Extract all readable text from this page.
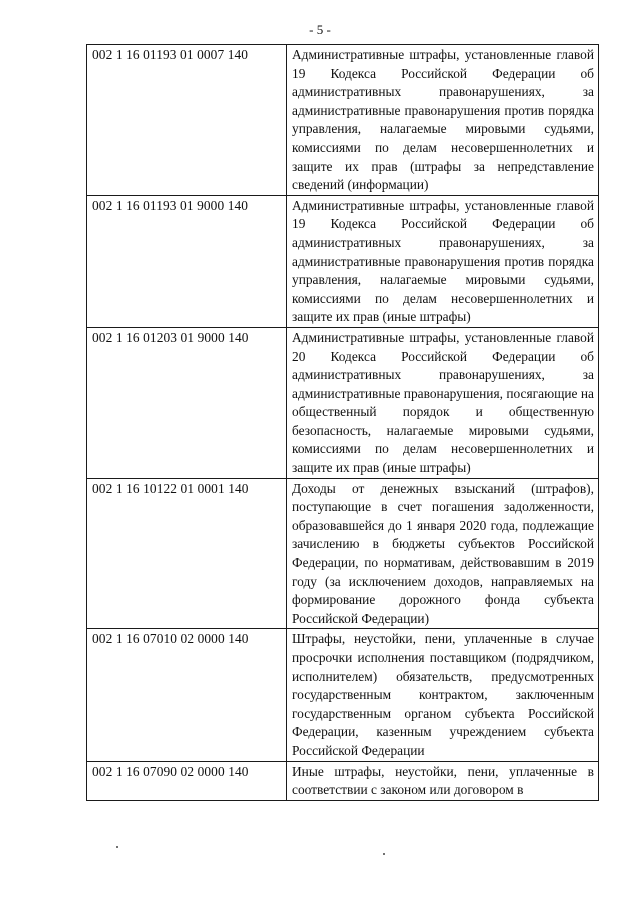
- 5 -
002 1 16 01193 01 0007 140	Административные штрафы, установленные главой 19 Кодекса Российской Федерации об административных правонарушениях, за административные правонарушения против порядка управления, налагаемые мировыми судьями, комиссиями по делам несовершеннолетних и защите их прав (штрафы за непредставление сведений (информации)
002 1 16 01193 01 9000 140	Административные штрафы, установленные главой 19 Кодекса Российской Федерации об административных правонарушениях, за административные правонарушения против порядка управления, налагаемые мировыми судьями, комиссиями по делам несовершеннолетних и защите их прав (иные штрафы)
002 1 16 01203 01 9000 140	Административные штрафы, установленные главой 20 Кодекса Российской Федерации об административных правонарушениях, за административные правонарушения, посягающие на общественный порядок и общественную безопасность, налагаемые мировыми судьями, комиссиями по делам несовершеннолетних и защите их прав (иные штрафы)
002 1 16 10122 01 0001 140	Доходы от денежных взысканий (штрафов), поступающие в счет погашения задолженности, образовавшейся до 1 января 2020 года, подлежащие зачислению в бюджеты субъектов Российской Федерации, по нормативам, действовавшим в 2019 году (за исключением доходов, направляемых на формирование дорожного фонда субъекта Российской Федерации)
002 1 16 07010 02 0000 140	Штрафы, неустойки, пени, уплаченные в случае просрочки исполнения поставщиком (подрядчиком, исполнителем) обязательств, предусмотренных государственным контрактом, заключенным государственным органом субъекта Российской Федерации, казенным учреждением субъекта Российской Федерации
002 1 16 07090 02 0000 140	Иные штрафы, неустойки, пени, уплаченные в соответствии с законом или договором в
